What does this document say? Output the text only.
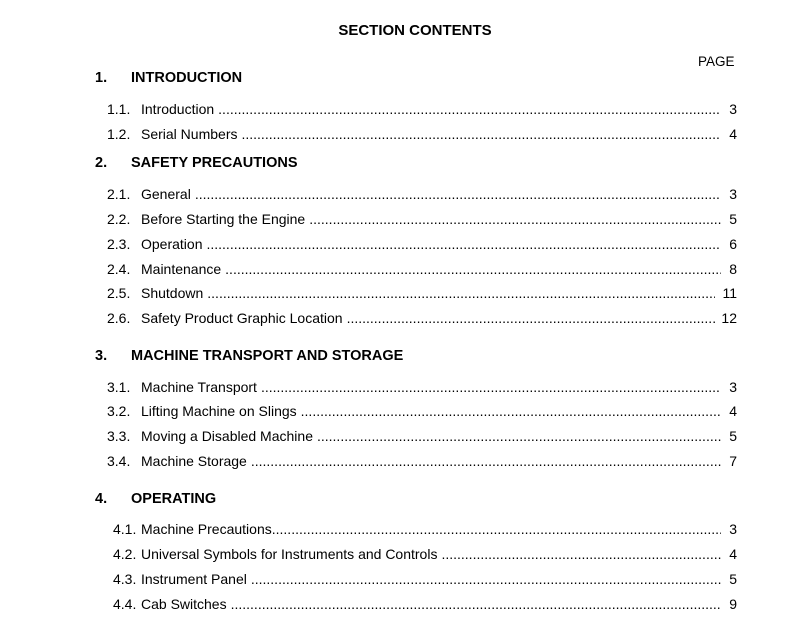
SECTION CONTENTS
PAGE
1. INTRODUCTION
1.1. Introduction .....	3
1.2. Serial Numbers .....	4
2. SAFETY PRECAUTIONS
2.1. General .....	3
2.2. Before Starting the Engine .....	5
2.3. Operation .....	6
2.4. Maintenance .....	8
2.5. Shutdown .....	11
2.6. Safety Product Graphic Location .....	12
3. MACHINE TRANSPORT AND STORAGE
3.1. Machine Transport .....	3
3.2. Lifting Machine on Slings .....	4
3.3. Moving a Disabled Machine .....	5
3.4. Machine Storage .....	7
4. OPERATING
4.1. Machine Precautions .....	3
4.2. Universal Symbols for Instruments and Controls .....	4
4.3. Instrument Panel .....	5
4.4. Cab Switches .....	9
